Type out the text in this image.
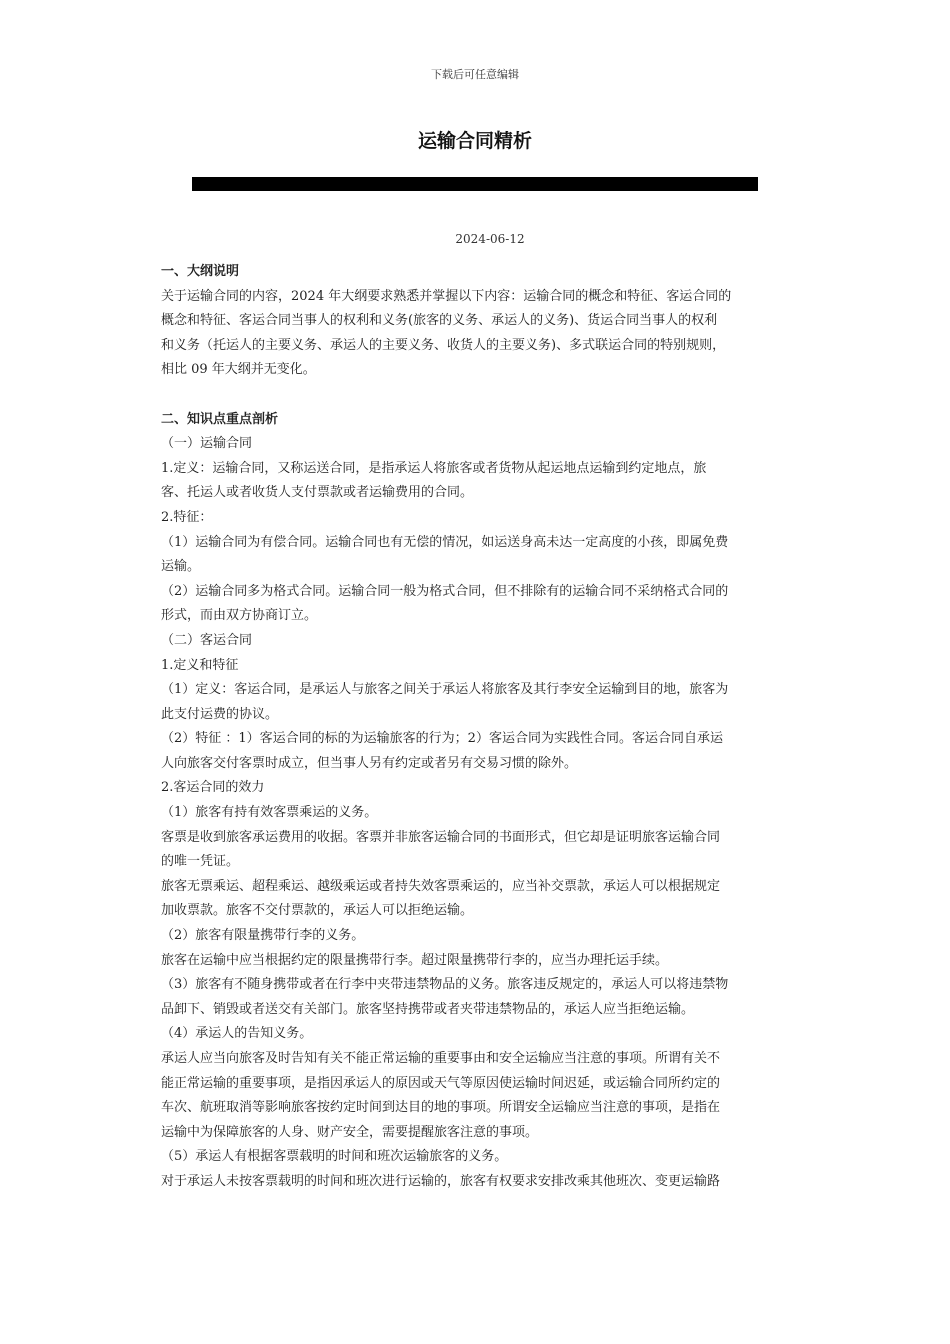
下载后可任意编辑
运输合同精析
2024-06-12
一、大纲说明
关于运输合同的内容，2024 年大纲要求熟悉并掌握以下内容：运输合同的概念和特征、客运合同的
概念和特征、客运合同当事人的权利和义务(旅客的义务、承运人的义务)、货运合同当事人的权利
和义务（托运人的主要义务、承运人的主要义务、收货人的主要义务)、多式联运合同的特别规则，
相比 09 年大纲并无变化。
二、知识点重点剖析
（一）运输合同
1.定义：运输合同，又称运送合同，是指承运人将旅客或者货物从起运地点运输到约定地点，旅
客、托运人或者收货人支付票款或者运输费用的合同。
2.特征：
（1）运输合同为有偿合同。运输合同也有无偿的情况，如运送身高未达一定高度的小孩，即属免费
运输。
（2）运输合同多为格式合同。运输合同一般为格式合同，但不排除有的运输合同不采纳格式合同的
形式，而由双方协商订立。
（二）客运合同
1.定义和特征
（1）定义：客运合同，是承运人与旅客之间关于承运人将旅客及其行李安全运输到目的地，旅客为
此支付运费的协议。
（2）特征 ：1）客运合同的标的为运输旅客的行为；2）客运合同为实践性合同。客运合同自承运
人向旅客交付客票时成立，但当事人另有约定或者另有交易习惯的除外。
2.客运合同的效力
（1）旅客有持有效客票乘运的义务。
客票是收到旅客承运费用的收据。客票并非旅客运输合同的书面形式，但它却是证明旅客运输合同
的唯一凭证。
旅客无票乘运、超程乘运、越级乘运或者持失效客票乘运的，应当补交票款，承运人可以根据规定
加收票款。旅客不交付票款的，承运人可以拒绝运输。
（2）旅客有限量携带行李的义务。
旅客在运输中应当根据约定的限量携带行李。超过限量携带行李的，应当办理托运手续。
（3）旅客有不随身携带或者在行李中夹带违禁物品的义务。旅客违反规定的，承运人可以将违禁物
品卸下、销毁或者送交有关部门。旅客坚持携带或者夹带违禁物品的，承运人应当拒绝运输。
（4）承运人的告知义务。
承运人应当向旅客及时告知有关不能正常运输的重要事由和安全运输应当注意的事项。所谓有关不
能正常运输的重要事项，是指因承运人的原因或天气等原因使运输时间迟延，或运输合同所约定的
车次、航班取消等影响旅客按约定时间到达目的地的事项。所谓安全运输应当注意的事项，是指在
运输中为保障旅客的人身、财产安全，需要提醒旅客注意的事项。
（5）承运人有根据客票载明的时间和班次运输旅客的义务。
对于承运人未按客票载明的时间和班次进行运输的，旅客有权要求安排改乘其他班次、变更运输路
